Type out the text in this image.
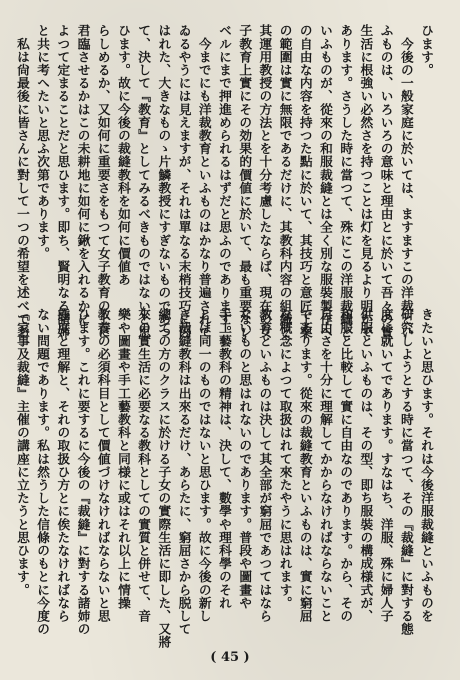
ひます。
　今後の一般家庭に於いては、ますますこの洋裁とい
ふものは、いろいろの意味と理由とに於いて吾々の實
生活に根強い必然さを持つことは灯を見るより明かで
あります。さうした時に當つて、殊にこの洋服裁縫と
いふものが、從來の和服裁縫とは全く別な服裝製作へ
の自由な内容を持つた點に於いて、其技巧と意匠工案
の範圍は實に無限であるだけに、其教科内容の組織と
其運用教授の方法とを十分考慮したならば、現在の女
子教育上實にその効果的價値に於いて、最も重要なレ
ベルにまで押進められるはずだと思ふのであります。
　今までにも洋裁教育といふものはかなり普遍されて
ゐるやうには見えますが、それは單なる末梢技巧に囚
はれた、大きなものゝ片鱗教授にすぎないものであつ
て、決して『教育』としてみるべきものではないと思
ひます。故に今後の裁縫教科を如何に價値あ
らしめるか、又如何に重要さをもつて女子教育の上に
君臨させるかはこの未耕地に如何に鍬を入れるかに
よつて定まることだと思ひます。即ち、賢明なる諸姉
と共に考へたいと思ふ次第であります。
　私は尙最後に皆さんに對して一つの希望を述べてお
きたいと思ひます。それは今後洋服裁縫といふものを
研究しようとする時に當つて、その『裁縫』に對する態
度に就いてであります。すなはち、洋服、殊に婦人子
供服といふものは、その型、即ち服裝の構成様式が、
和服と比較して實に自由なのであります。から、その
自由さを十分に理解してかからなければならないこと
であります。從來の裁縫教育といふものは、實に窮屈
な概念によつて取扱はれて來たやうに思はれます。
教育といふものは決して其全部が窮屈であつてはなら
ないものと思はれないのであります。普段や圖畫や
手工藝教科の精神は、決して、數學や理科學のそれ
とは同一のものではないと思ひます。故に今後の新し
き裁縫教科は出來るだけ、あらたに、窮屈さから脱して
總ての方のクラスに於ける子女の實際生活に即した、又將
來の實生活に必要なる教科としての實質と併せて、音
樂や圖畫や手工藝教科と同様に或はそれ以上に情操
教養の必須科目として價値づけなければならないと思
ひます。これに要するに今後の『裁縫』に對する諸姉の
態度と理解と、それの取扱ひ方とに俟たなければなら
ない問題であります。私は然うした信條のもとに今度の
『家事及裁縫』主催の講座に立たうと思ひます。
( 45 )
